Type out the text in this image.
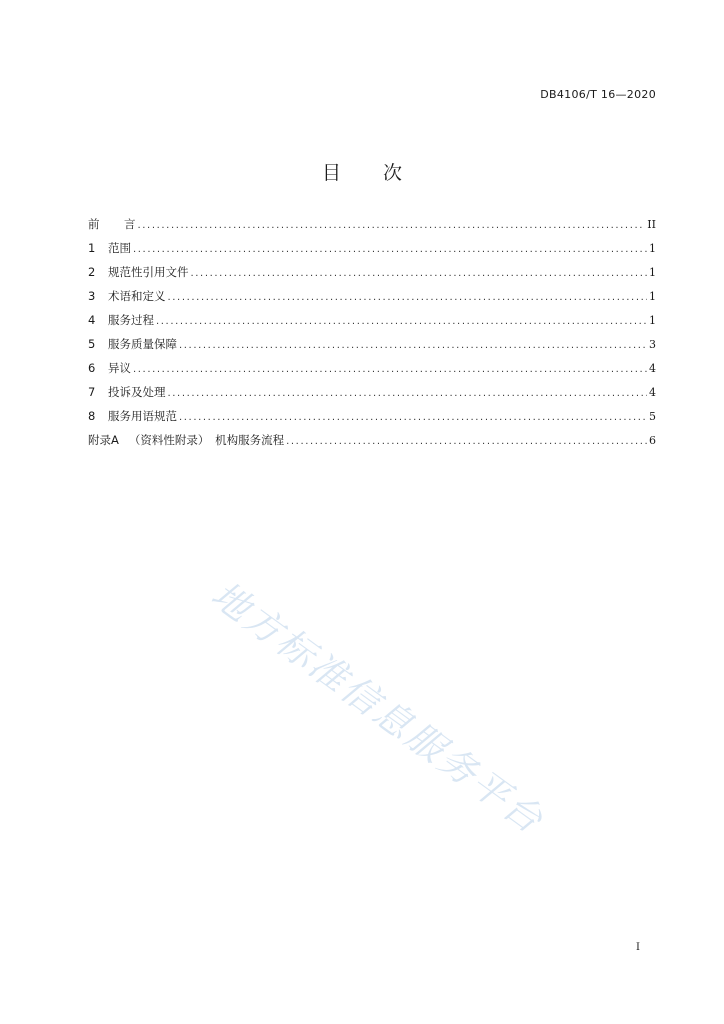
DB4106/T 16—2020
目 次
前	言 .....	II
1	范围 .....	1
2	规范性引用文件 .....	1
3	术语和定义 .....	1
4	服务过程 .....	1
5	服务质量保障 .....	3
6	异议 .....	4
7	投诉及处理 .....	4
8	服务用语规范 .....	5
附录A （资料性附录）　机构服务流程 .....	6
地方标准信息服务平台
I
